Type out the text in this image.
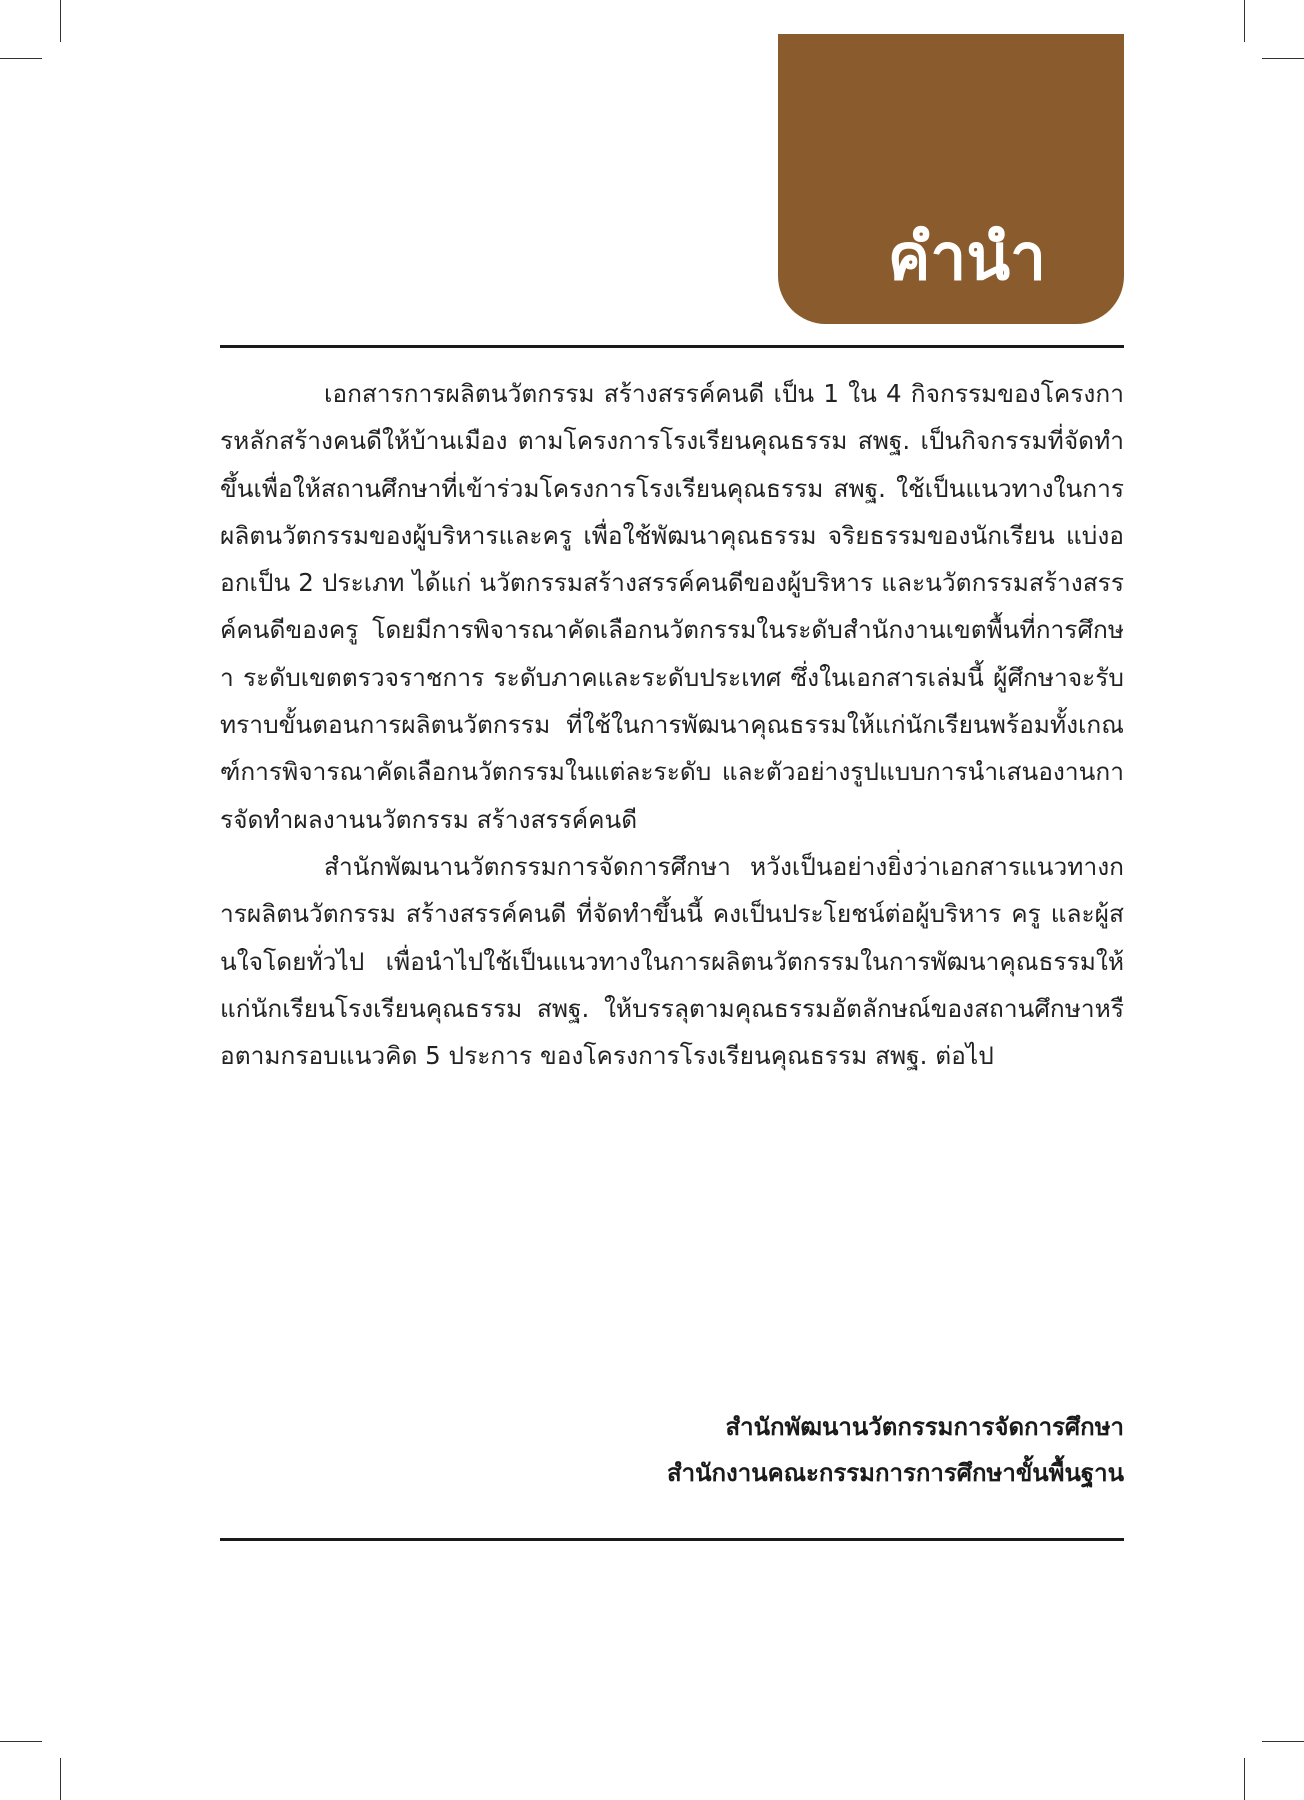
คำนำ

เอกสารการผลิตนวัตกรรม สร้างสรรค์คนดี เป็น 1 ใน 4 กิจกรรมของโครงการหลักสร้างคนดีให้บ้านเมือง ตามโครงการโรงเรียนคุณธรรม สพฐ. เป็นกิจกรรมที่จัดทำขึ้นเพื่อให้สถานศึกษาที่เข้าร่วมโครงการโรงเรียนคุณธรรม สพฐ. ใช้เป็นแนวทางในการผลิตนวัตกรรมของผู้บริหารและครู เพื่อใช้พัฒนาคุณธรรม จริยธรรมของนักเรียน แบ่งออกเป็น 2 ประเภท ได้แก่ นวัตกรรมสร้างสรรค์คนดีของผู้บริหาร และนวัตกรรมสร้างสรรค์คนดีของครู โดยมีการพิจารณาคัดเลือกนวัตกรรมในระดับสำนักงานเขตพื้นที่การศึกษา ระดับเขตตรวจราชการ ระดับภาคและระดับประเทศ ซึ่งในเอกสารเล่มนี้ ผู้ศึกษาจะรับทราบขั้นตอนการผลิตนวัตกรรม ที่ใช้ในการพัฒนาคุณธรรมให้แก่นักเรียนพร้อมทั้งเกณฑ์การพิจารณาคัดเลือกนวัตกรรมในแต่ละระดับ และตัวอย่างรูปแบบการนำเสนองานการจัดทำผลงานนวัตกรรม สร้างสรรค์คนดี

สำนักพัฒนานวัตกรรมการจัดการศึกษา หวังเป็นอย่างยิ่งว่าเอกสารแนวทางการผลิตนวัตกรรม สร้างสรรค์คนดี ที่จัดทำขึ้นนี้ คงเป็นประโยชน์ต่อผู้บริหาร ครู และผู้สนใจโดยทั่วไป เพื่อนำไปใช้เป็นแนวทางในการผลิตนวัตกรรมในการพัฒนาคุณธรรมให้แก่นักเรียนโรงเรียนคุณธรรม สพฐ. ให้บรรลุตามคุณธรรมอัตลักษณ์ของสถานศึกษาหรือตามกรอบแนวคิด 5 ประการ ของโครงการโรงเรียนคุณธรรม สพฐ. ต่อไป

สำนักพัฒนานวัตกรรมการจัดการศึกษา
สำนักงานคณะกรรมการการศึกษาขั้นพื้นฐาน
